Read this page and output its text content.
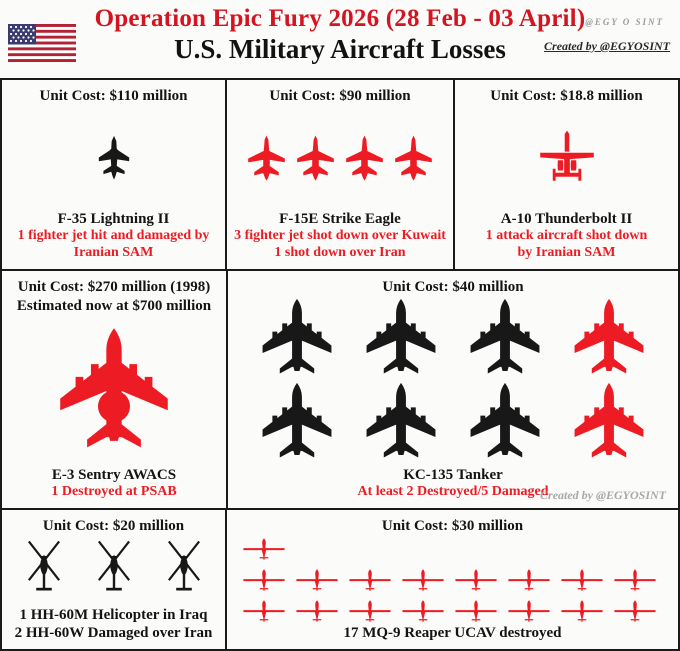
Operation Epic Fury 2026 (28 Feb - 03 April)
U.S. Military Aircraft Losses
@EGY O SINT
Created by @EGYOSINT
Unit Cost: $110 million
F-35 Lightning II
1 fighter jet hit and damaged by
Iranian SAM
Unit Cost: $90 million
F-15E Strike Eagle
3 fighter jet shot down over Kuwait
1 shot down over Iran
Unit Cost: $18.8 million
A-10 Thunderbolt II
1 attack aircraft shot down
by Iranian SAM
Unit Cost: $270 million (1998)
Estimated now at $700 million
E-3 Sentry AWACS
1 Destroyed at PSAB
Unit Cost: $40 million
KC-135 Tanker
At least 2 Destroyed/5 Damaged
Created by @EGYOSINT
Unit Cost: $20 million
1 HH-60M Helicopter in Iraq
2 HH-60W Damaged over Iran
Unit Cost: $30 million
17 MQ-9 Reaper UCAV destroyed
